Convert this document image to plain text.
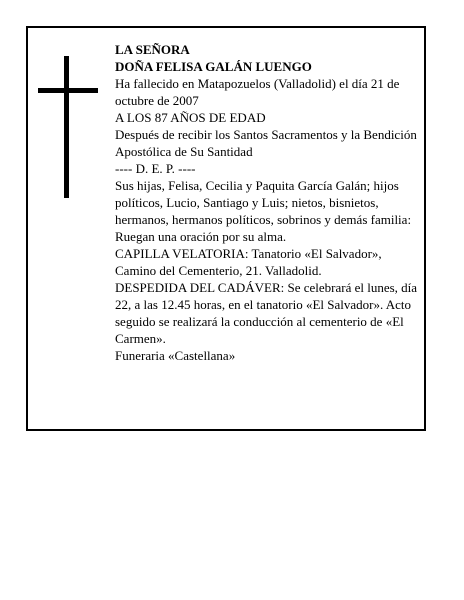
LA SEÑORA

DOÑA FELISA GALÁN LUENGO

Ha fallecido en Matapozuelos (Valladolid) el día 21 de octubre de 2007

A LOS 87 AÑOS DE EDAD

Después de recibir los Santos Sacramentos y la Bendición Apostólica de Su Santidad

---- D. E. P. ----

Sus hijas, Felisa, Cecilia y Paquita García Galán; hijos políticos, Lucio, Santiago y Luis; nietos, bisnietos, hermanos, hermanos políticos, sobrinos y demás familia:

Ruegan una oración por su alma.

CAPILLA VELATORIA: Tanatorio «El Salvador», Camino del Cementerio, 21. Valladolid.

DESPEDIDA DEL CADÁVER: Se celebrará el lunes, día 22, a las 12.45 horas, en el tanatorio «El Salvador». Acto seguido se realizará la conducción al cementerio de «El Carmen».

Funeraria «Castellana»
